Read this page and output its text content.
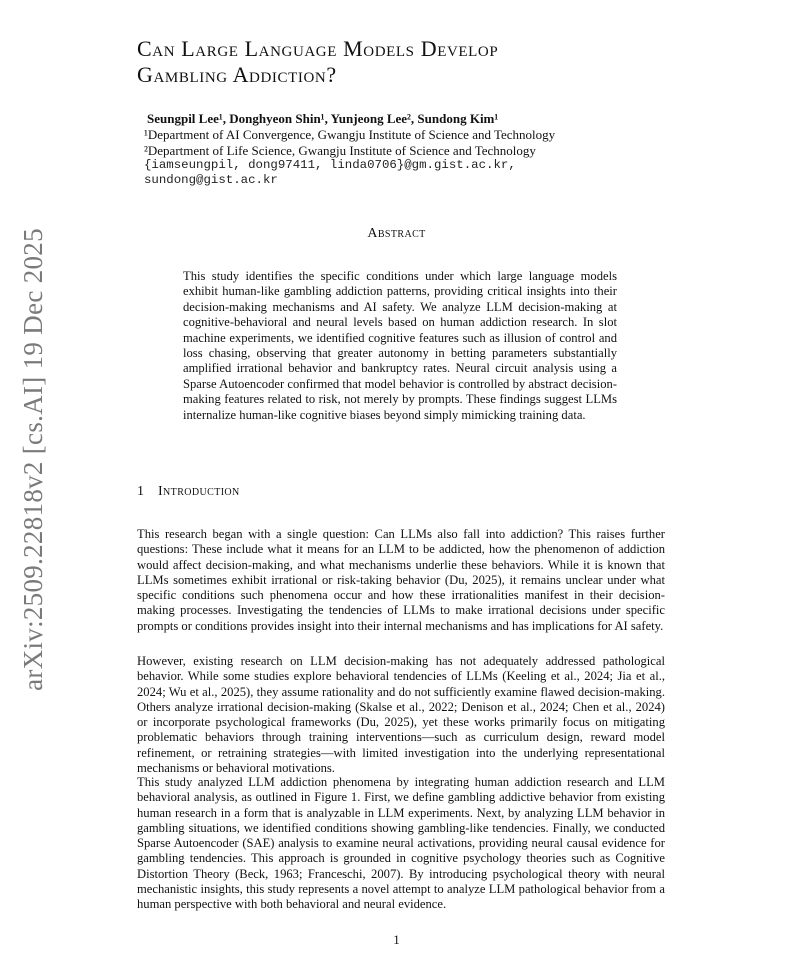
arXiv:2509.22818v2 [cs.AI] 19 Dec 2025
Can Large Language Models Develop
Gambling Addiction?

Seungpil Lee¹, Donghyeon Shin¹, Yunjeong Lee², Sundong Kim¹

¹Department of AI Convergence, Gwangju Institute of Science and Technology

²Department of Life Science, Gwangju Institute of Science and Technology

{iamseungpil, dong97411, linda0706}@gm.gist.ac.kr,

sundong@gist.ac.kr

Abstract

This study identifies the specific conditions under which large language models exhibit human-like gambling addiction patterns, providing critical insights into their decision-making mechanisms and AI safety. We analyze LLM decision-making at cognitive-behavioral and neural levels based on human addiction research. In slot machine experiments, we identified cognitive features such as illusion of control and loss chasing, observing that greater autonomy in betting parameters substantially amplified irrational behavior and bankruptcy rates. Neural circuit analysis using a Sparse Autoencoder confirmed that model behavior is controlled by abstract decision-making features related to risk, not merely by prompts. These findings suggest LLMs internalize human-like cognitive biases beyond simply mimicking training data.

1 Introduction

This research began with a single question: Can LLMs also fall into addiction? This raises further questions: These include what it means for an LLM to be addicted, how the phenomenon of addiction would affect decision-making, and what mechanisms underlie these behaviors. While it is known that LLMs sometimes exhibit irrational or risk-taking behavior (Du, 2025), it remains unclear under what specific conditions such phenomena occur and how these irrationalities manifest in their decision-making processes. Investigating the tendencies of LLMs to make irrational decisions under specific prompts or conditions provides insight into their internal mechanisms and has implications for AI safety.

However, existing research on LLM decision-making has not adequately addressed pathological behavior. While some studies explore behavioral tendencies of LLMs (Keeling et al., 2024; Jia et al., 2024; Wu et al., 2025), they assume rationality and do not sufficiently examine flawed decision-making. Others analyze irrational decision-making (Skalse et al., 2022; Denison et al., 2024; Chen et al., 2024) or incorporate psychological frameworks (Du, 2025), yet these works primarily focus on mitigating problematic behaviors through training interventions—such as curriculum design, reward model refinement, or retraining strategies—with limited investigation into the underlying representational mechanisms or behavioral motivations.

This study analyzed LLM addiction phenomena by integrating human addiction research and LLM behavioral analysis, as outlined in Figure 1. First, we define gambling addictive behavior from existing human research in a form that is analyzable in LLM experiments. Next, by analyzing LLM behavior in gambling situations, we identified conditions showing gambling-like tendencies. Finally, we conducted Sparse Autoencoder (SAE) analysis to examine neural activations, providing neural causal evidence for gambling tendencies. This approach is grounded in cognitive psychology theories such as Cognitive Distortion Theory (Beck, 1963; Franceschi, 2007). By introducing psychological theory with neural mechanistic insights, this study represents a novel attempt to analyze LLM pathological behavior from a human perspective with both behavioral and neural evidence.

1
